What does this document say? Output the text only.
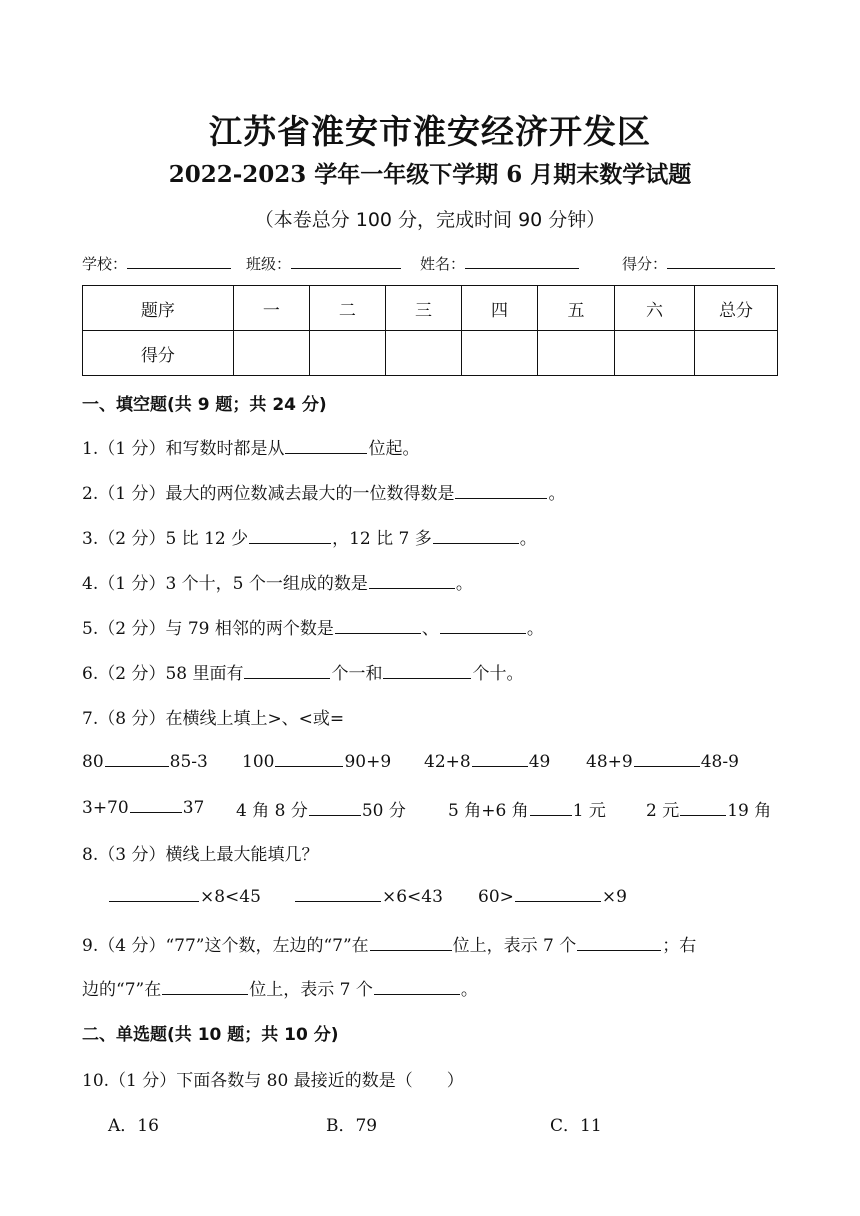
江苏省淮安市淮安经济开发区
2022-2023 学年一年级下学期 6 月期末数学试题
（本卷总分 100 分，完成时间 90 分钟）
学校：	班级：	姓名：	得分：
题序	一	二	三	四	五	六	总分
得分							
一、填空题(共 9 题；共 24 分)
1.（1 分）和写数时都是从	位起。
2.（1 分）最大的两位数减去最大的一位数得数是	。
3.（2 分）5 比 12 少	，12 比 7 多	。
4.（1 分）3 个十，5 个一组成的数是	。
5.（2 分）与 79 相邻的两个数是	、	。
6.（2 分）58 里面有	个一和	个十。
7.（8 分）在横线上填上>、<或=
80	85-3 100	90+9 42+8	49 48+9	48-9
3+70	37 4 角 8 分	50 分 5 角+6 角	1 元 2 元	19 角
8.（3 分）横线上最大能填几？
×8<45	×6<43 60>	×9
9.（4 分）“77”这个数，左边的“7”在	位上，表示 7 个	；右
边的“7”在	位上，表示 7 个	。
二、单选题(共 10 题；共 10 分)
10.（1 分）下面各数与 80 最接近的数是（　　）
A．16	B．79	C．11
